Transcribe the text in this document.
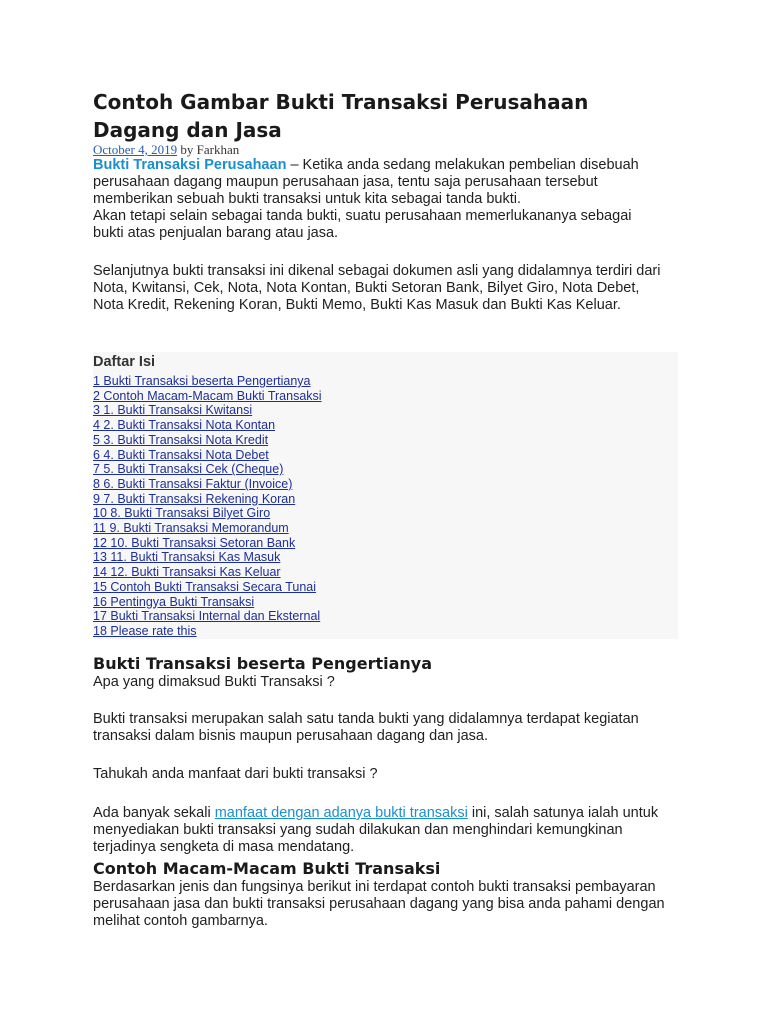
Contoh Gambar Bukti Transaksi Perusahaan Dagang dan Jasa
October 4, 2019 by Farkhan
Bukti Transaksi Perusahaan – Ketika anda sedang melakukan pembelian disebuah perusahaan dagang maupun perusahaan jasa, tentu saja perusahaan tersebut memberikan sebuah bukti transaksi untuk kita sebagai tanda bukti.
Akan tetapi selain sebagai tanda bukti, suatu perusahaan memerlukananya sebagai bukti atas penjualan barang atau jasa.
Selanjutnya bukti transaksi ini dikenal sebagai dokumen asli yang didalamnya terdiri dari Nota, Kwitansi, Cek, Nota, Nota Kontan, Bukti Setoran Bank, Bilyet Giro, Nota Debet, Nota Kredit, Rekening Koran, Bukti Memo, Bukti Kas Masuk dan Bukti Kas Keluar.
Daftar Isi
1 Bukti Transaksi beserta Pengertianya
2 Contoh Macam-Macam Bukti Transaksi
3 1. Bukti Transaksi Kwitansi
4 2. Bukti Transaksi Nota Kontan
5 3. Bukti Transaksi Nota Kredit
6 4. Bukti Transaksi Nota Debet
7 5. Bukti Transaksi Cek (Cheque)
8 6. Bukti Transaksi Faktur (Invoice)
9 7. Bukti Transaksi Rekening Koran
10 8. Bukti Transaksi Bilyet Giro
11 9. Bukti Transaksi Memorandum
12 10. Bukti Transaksi Setoran Bank
13 11. Bukti Transaksi Kas Masuk
14 12. Bukti Transaksi Kas Keluar
15 Contoh Bukti Transaksi Secara Tunai
16 Pentingya Bukti Transaksi
17 Bukti Transaksi Internal dan Eksternal
18 Please rate this
Bukti Transaksi beserta Pengertianya
Apa yang dimaksud Bukti Transaksi ?
Bukti transaksi merupakan salah satu tanda bukti yang didalamnya terdapat kegiatan transaksi dalam bisnis maupun perusahaan dagang dan jasa.
Tahukah anda manfaat dari bukti transaksi ?
Ada banyak sekali manfaat dengan adanya bukti transaksi ini, salah satunya ialah untuk menyediakan bukti transaksi yang sudah dilakukan dan menghindari kemungkinan terjadinya sengketa di masa mendatang.
Contoh Macam-Macam Bukti Transaksi
Berdasarkan jenis dan fungsinya berikut ini terdapat contoh bukti transaksi pembayaran perusahaan jasa dan bukti transaksi perusahaan dagang yang bisa anda pahami dengan melihat contoh gambarnya.
